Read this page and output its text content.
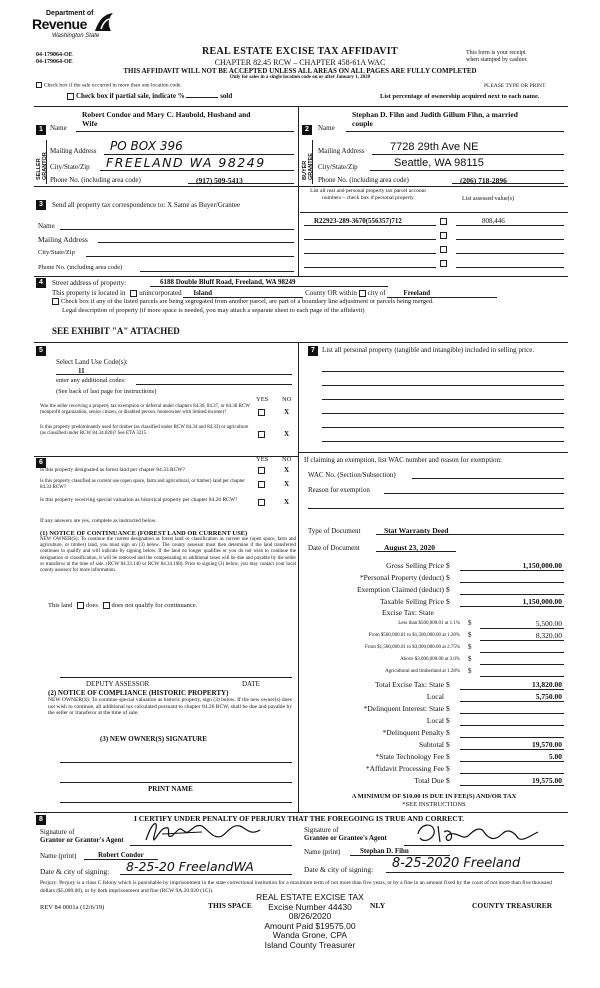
Department of
Revenue
Washington State
04-179064-OE
04-179064-OE
REAL ESTATE EXCISE TAX AFFIDAVIT
CHAPTER 82.45 RCW – CHAPTER 458-61A WAC
This form is your receipt
when stamped by cashier.
THIS AFFIDAVIT WILL NOT BE ACCEPTED UNLESS ALL AREAS ON ALL PAGES ARE FULLY COMPLETED
Only for sales in a single location code on or after January 1, 2020
Check box if the sale occurred in more than one location code.	PLEASE TYPE OR PRINT
Check box if partial sale, indicate %	sold	List percentage of ownership acquired next to each name.
1
SELLER GRANTOR
Robert Condor and Mary C. Haubold, Husband and
Name Wife
Mailing Address PO BOX 396
City/State/Zip FREELAND WA 98249
Phone No. (including area code)	(917) 509-5413
2
BUYER GRANTEE
Stephan D. Fihn and Judith Gillum Fihn, a married
Name couple
Mailing Address 7728 29th Ave NE
City/State/Zip	Seattle, WA 98115
Phone No. (including area code)	(206) 718-2896
3	Send all property tax correspondence to: X Same as Buyer/Grantee
Name
Mailing Address
City/State/Zip
Phone No. (including area code)
List all real and personal property tax parcel account numbers – check box if personal property	List assessed value(s)
R22923-289-3670(556357)712	808,446
4	Street address of property:	6188 Double Bluff Road, Freeland, WA 98249
This property is located in unincorporated Island	County OR within city of	Freeland
Check box if any of the listed parcels are being segregated from another parcel, are part of a boundary line adjustment or parcels being merged.
Legal description of property (if more space is needed, you may attach a separate sheet to each page of the affidavit)
SEE EXHIBIT "A" ATTACHED
5
Select Land Use Code(s):
11
enter any additional codes:
(See back of last page for instructions)
YES NO
Was the seller receiving a property tax exemption or deferral under chapters 84.36, 84.37, or 84.38 RCW (nonprofit organization, senior citizen, or disabled person, homeowner with limited income)?	X
Is this property predominantly used for timber (as classified under RCW 84.34 and 84.33) or agriculture (as classified under RCW 84.34.020)? See ETA 3215	X
6	YES NO
Is this property designated as forest land per chapter 84.33 RCW?	X
Is this property classified as current use (open space, farm and agricultural, or timber) land per chapter 84.34 RCW?	X
Is this property receiving special valuation as historical property per chapter 84.26 RCW?	X
If any answers are yes, complete as instructed below.
(1) NOTICE OF CONTINUANCE (FOREST LAND OR CURRENT USE)
NEW OWNER(S): To continue the current designation as forest land or classification as current use (open space, farm and agriculture, or timber) land, you must sign on (3) below. The county assessor must then determine if the land transferred continues to qualify and will indicate by signing below. If the land no longer qualifies or you do not wish to continue the designation or classification, it will be removed and the compensating or additional taxes will be due and payable by the seller or transferor at the time of sale. (RCW 84.33.140 or RCW 84.34.108). Prior to signing (3) below, you may contact your local county assessor for more information.
This land does does not qualify for continuance.
DEPUTY ASSESSOR	DATE
(2) NOTICE OF COMPLIANCE (HISTORIC PROPERTY)
NEW OWNER(S): To continue special valuation as historic property, sign (3) below. If the new owner(s) does not wish to continue, all additional tax calculated pursuant to chapter 84.26 RCW, shall be due and payable by the seller or transferor at the time of sale.
(3) NEW OWNER(S) SIGNATURE
PRINT NAME
7	List all personal property (tangible and intangible) included in selling price.
If claiming an exemption, list WAC number and reason for exemption:
WAC No. (Section/Subsection)
Reason for exemption
Type of Document	Stat Warranty Deed
Date of Document	August 23, 2020
Gross Selling Price $	1,150,000.00
*Personal Property (deduct) $
Exemption Claimed (deduct) $
Taxable Selling Price $	1,150,000.00
Excise Tax: State
Less than $500,000.01 at 1.1% $	5,500.00
From $500,000.01 to $1,500,000.00 at 1.28% $	8,320.00
From $1,500,000.01 to $3,000,000.00 at 2.75% $
Above $3,000,000.00 at 3.0% $
Agricultural and timberland at 1.28% $
Total Excise Tax: State $	13,820.00
Local	5,750.00
*Delinquent Interest: State $
Local $
*Delinquent Penalty $
Subtotal $	19,570.00
*State Technology Fee $	5.00
*Affidavit Processing Fee $
Total Due $	19,575.00
A MINIMUM OF $10.00 IS DUE IN FEE(S) AND/OR TAX
*SEE INSTRUCTIONS
8	I CERTIFY UNDER PENALTY OF PERJURY THAT THE FOREGOING IS TRUE AND CORRECT.
Signature of
Grantor or Grantor's Agent
Signature of
Grantee or Grantee's Agent
Name (print)	Robert Condor	Name (print)	Stephan D. Fihn
Date & city of signing: 8-25-20 FreelandWA	Date & city of signing: 8-25-2020 Freeland
Perjury: Perjury is a class C felony which is punishable by imprisonment in the state correctional institution for a maximum term of not more than five years, or by a fine in an amount fixed by the court of not more than five thousand dollars ($5,000.00), or by both imprisonment and fine (RCW 9A.20.020 (1C)).
REV 84 0001a (12/6/19)	THIS SPACE	NLY	COUNTY TREASURER
REAL ESTATE EXCISE TAX
Excise Number 44430
08/26/2020
Amount Paid $19575.00
Wanda Grone, CPA
Island County Treasurer
